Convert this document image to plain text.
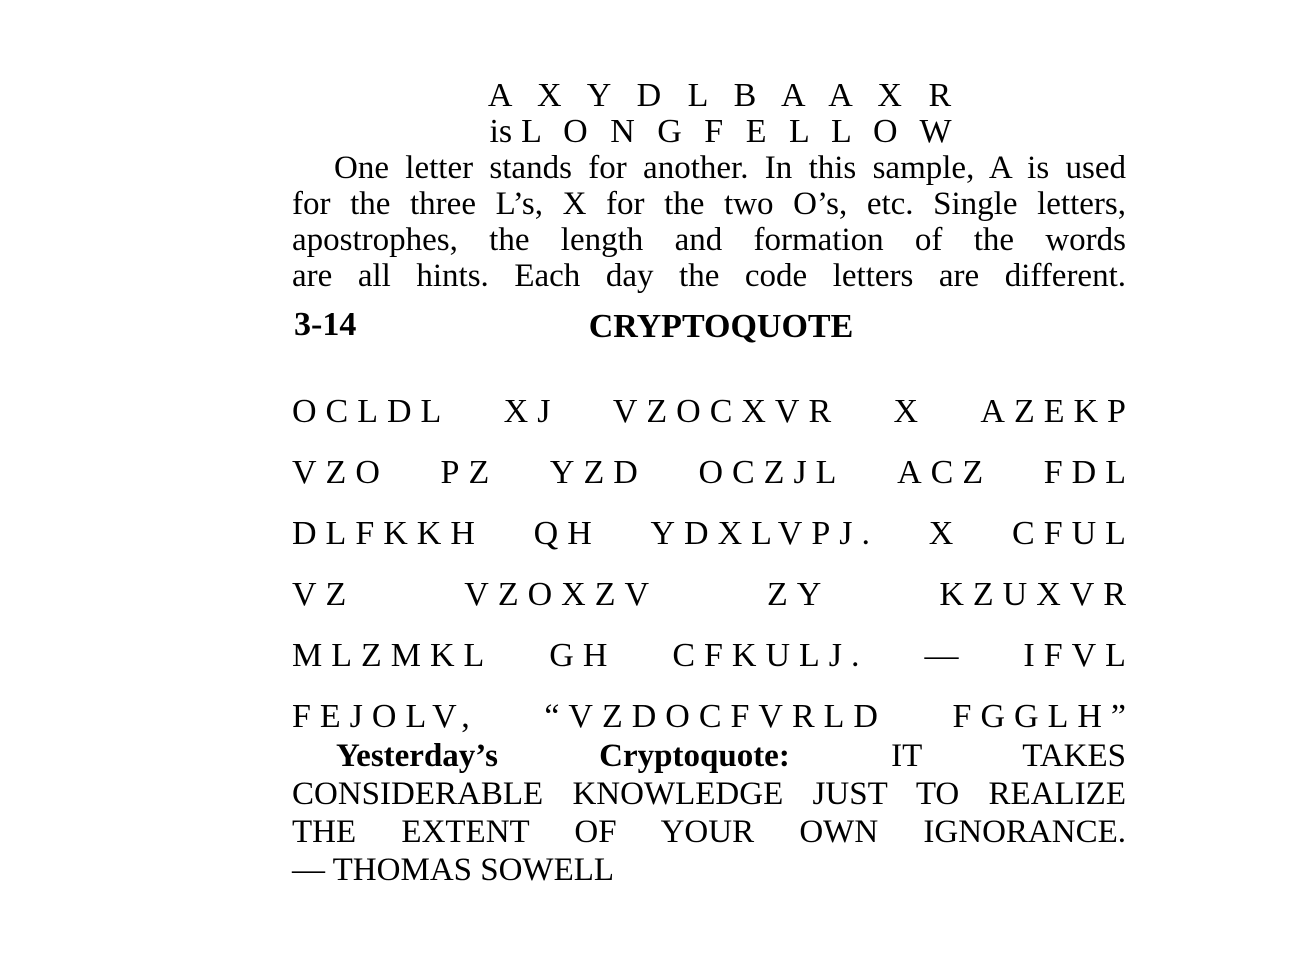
A X Y D L B A A X R
is L O N G F E L L O W
One letter stands for another. In this sample, A is used
for the three L’s, X for the two O’s, etc. Single letters,
apostrophes, the length and formation of the words
are all hints. Each day the code letters are different.
3-14	CRYPTOQUOTE
OCLDL XJ VZOCXVR X AZEKP
VZO PZ YZD OCZJL ACZ FDL
DLFKKH QH YDXLVPJ. X CFUL
VZ	VZOXZV	ZY	KZUXVR
MLZMKL GH CFKULJ. — IFVL
FEJOLV, “VZDOCFVRLD FGGLH”
Yesterday’s Cryptoquote:	IT TAKES
CONSIDERABLE KNOWLEDGE JUST TO REALIZE
THE EXTENT OF YOUR OWN IGNORANCE.
— THOMAS SOWELL
